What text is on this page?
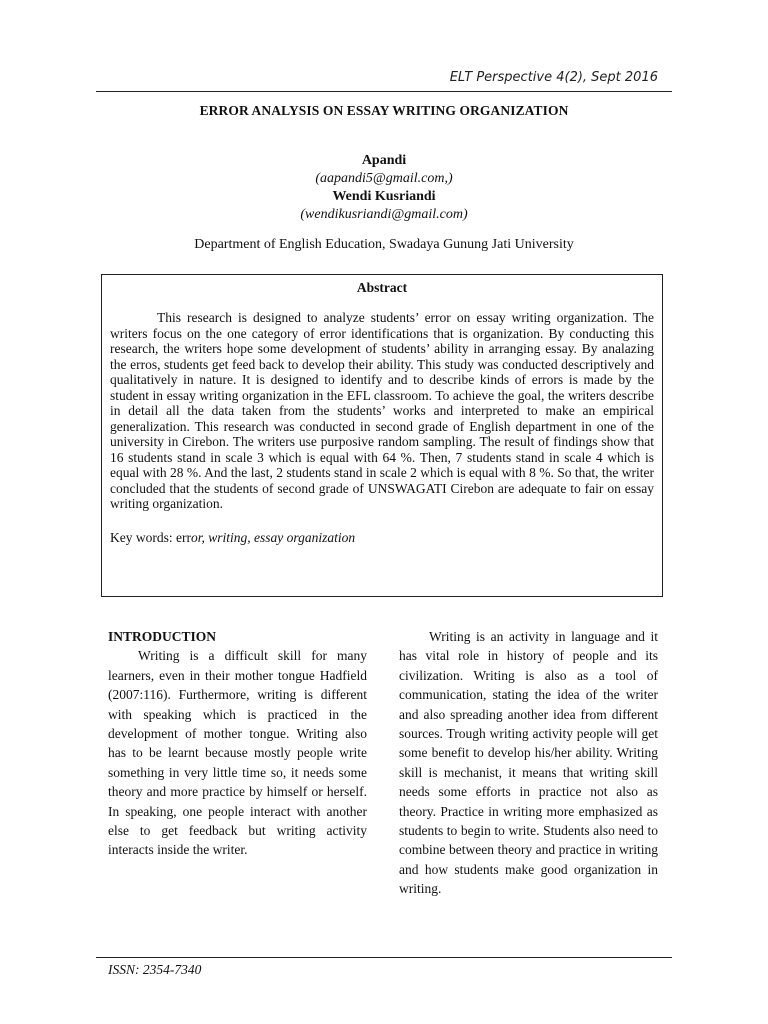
ELT Perspective 4(2), Sept 2016
ERROR ANALYSIS ON ESSAY WRITING ORGANIZATION
Apandi
(aapandi5@gmail.com,)
Wendi Kusriandi
(wendikusriandi@gmail.com)
Department of English Education, Swadaya Gunung Jati University
Abstract

This research is designed to analyze students’ error on essay writing organization. The writers focus on the one category of error identifications that is organization. By conducting this research, the writers hope some development of students’ ability in arranging essay. By analazing the erros, students get feed back to develop their ability. This study was conducted descriptively and qualitatively in nature. It is designed to identify and to describe kinds of errors is made by the student in essay writing organization in the EFL classroom. To achieve the goal, the writers describe in detail all the data taken from the students’ works and interpreted to make an empirical generalization. This research was conducted in second grade of English department in one of the university in Cirebon. The writers use purposive random sampling. The result of findings show that 16 students stand in scale 3 which is equal with 64 %. Then, 7 students stand in scale 4 which is equal with 28 %. And the last, 2 students stand in scale 2 which is equal with 8 %. So that, the writer concluded that the students of second grade of UNSWAGATI Cirebon are adequate to fair on essay writing organization.

Key words: error, writing, essay organization
INTRODUCTION

Writing is a difficult skill for many learners, even in their mother tongue Hadfield (2007:116). Furthermore, writing is different with speaking which is practiced in the development of mother tongue. Writing also has to be learnt because mostly people write something in very little time so, it needs some theory and more practice by himself or herself. In speaking, one people interact with another else to get feedback but writing activity interacts inside the writer.

Writing is an activity in language and it has vital role in history of people and its civilization. Writing is also as a tool of communication, stating the idea of the writer and also spreading another idea from different sources. Trough writing activity people will get some benefit to develop his/her ability. Writing skill is mechanist, it means that writing skill needs some efforts in practice not also as theory. Practice in writing more emphasized as students to begin to write. Students also need to combine between theory and practice in writing and how students make good organization in writing.

ISSN: 2354-7340
